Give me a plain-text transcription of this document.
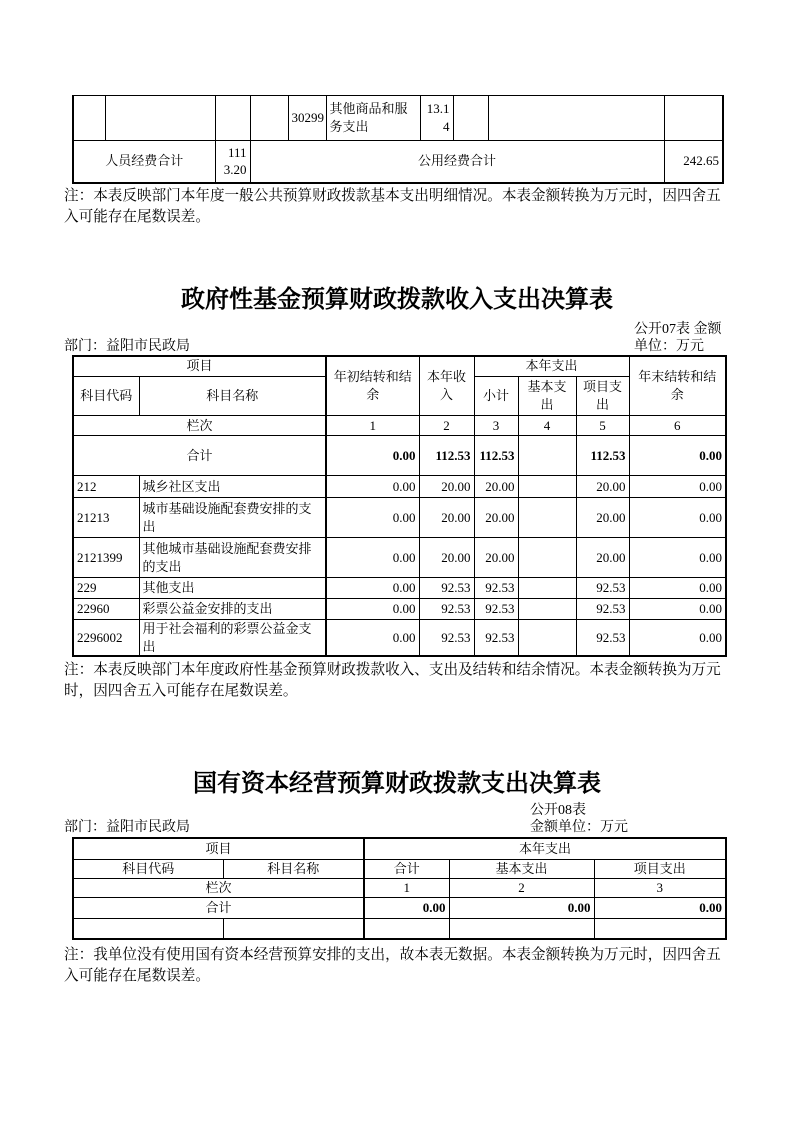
				30299	其他商品和服务支出	13.14			
人员经费合计		1113.20	公用经费合计						242.65

注：本表反映部门本年度一般公共预算财政拨款基本支出明细情况。本表金额转换为万元时，因四舍五入可能存在尾数误差。

政府性基金预算财政拨款收入支出决算表
部门：益阳市民政局
公开07表 金额单位：万元
项目		年初结转和结余	本年收入	本年支出			年末结转和结余
科目代码	科目名称			小计	基本支出	项目支出	
栏次		1	2	3	4	5	6
合计		0.00	112.53	112.53		112.53	0.00
212	城乡社区支出	0.00	20.00	20.00		20.00	0.00
21213	城市基础设施配套费安排的支出	0.00	20.00	20.00		20.00	0.00
2121399	其他城市基础设施配套费安排的支出	0.00	20.00	20.00		20.00	0.00
229	其他支出	0.00	92.53	92.53		92.53	0.00
22960	彩票公益金安排的支出	0.00	92.53	92.53		92.53	0.00
2296002	用于社会福利的彩票公益金支出	0.00	92.53	92.53		92.53	0.00

注：本表反映部门本年度政府性基金预算财政拨款收入、支出及结转和结余情况。本表金额转换为万元时，因四舍五入可能存在尾数误差。

国有资本经营预算财政拨款支出决算表
部门：益阳市民政局
公开08表
金额单位：万元
项目		本年支出		
科目代码	科目名称	合计	基本支出	项目支出
栏次		1	2	3
合计		0.00	0.00	0.00

注：我单位没有使用国有资本经营预算安排的支出，故本表无数据。本表金额转换为万元时，因四舍五入可能存在尾数误差。
